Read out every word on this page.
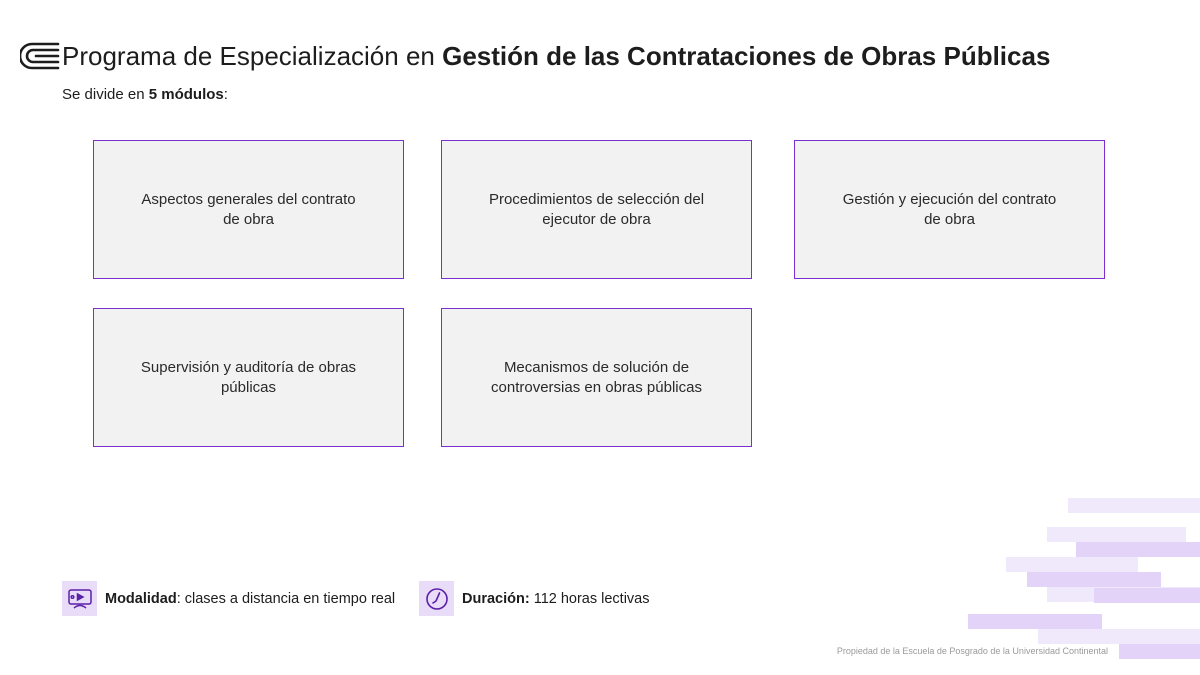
Programa de Especialización en Gestión de las Contrataciones de Obras Públicas

Se divide en 5 módulos:

Aspectos generales del contrato de obra
Procedimientos de selección del ejecutor de obra
Gestión y ejecución del contrato de obra
Supervisión y auditoría de obras públicas
Mecanismos de solución de controversias en obras públicas
Modalidad: clases a distancia en tiempo real	Duración: 112 horas lectivas
Propiedad de la Escuela de Posgrado de la Universidad Continental
